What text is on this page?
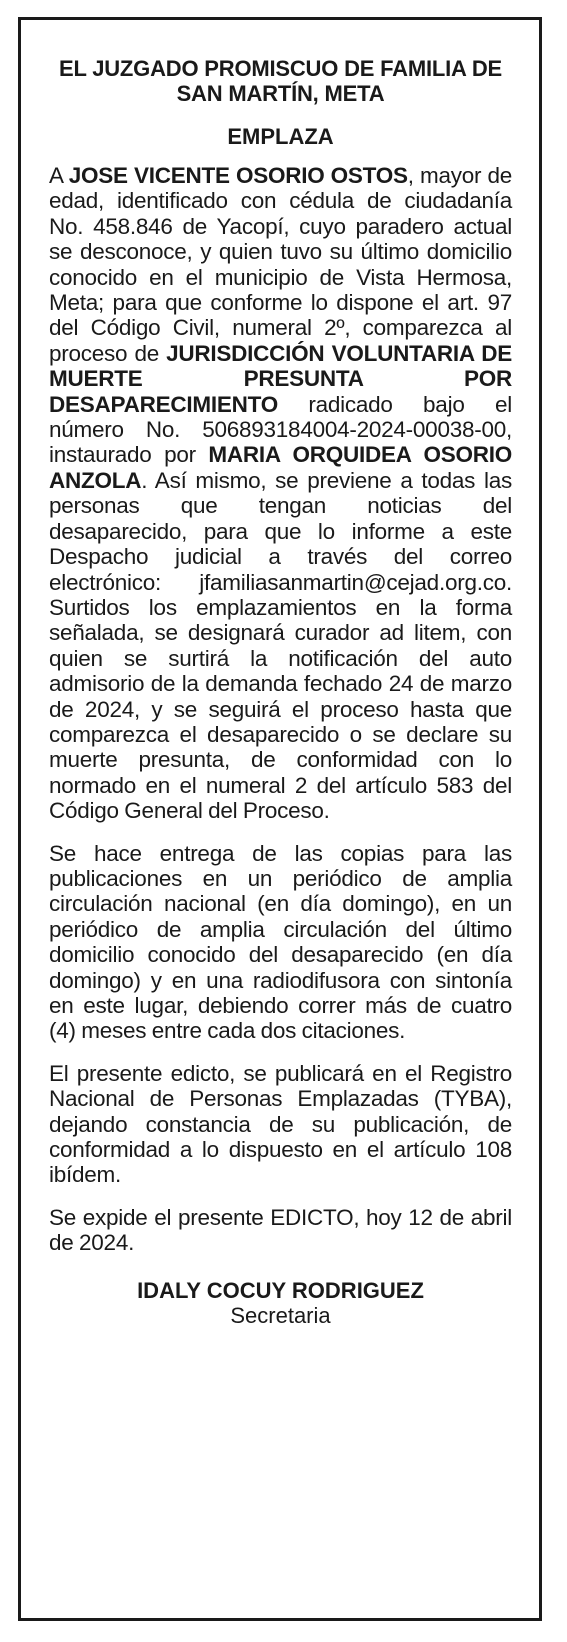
EL JUZGADO PROMISCUO DE FAMILIA DE SAN MARTÍN, META

EMPLAZA

A JOSE VICENTE OSORIO OSTOS, mayor de edad, identificado con cédula de ciudadanía No. 458.846 de Yacopí, cuyo paradero actual se desconoce, y quien tuvo su último domicilio conocido en el municipio de Vista Hermosa, Meta; para que conforme lo dispone el art. 97 del Código Civil, numeral 2º, comparezca al proceso de JURISDICCIÓN VOLUNTARIA DE MUERTE PRESUNTA POR DESAPARECIMIENTO radicado bajo el número No. 506893184004-2024-00038-00, instaurado por MARIA ORQUIDEA OSORIO ANZOLA. Así mismo, se previene a todas las personas que tengan noticias del desaparecido, para que lo informe a este Despacho judicial a través del correo electrónico: jfamiliasanmartin@cejad.org.co. Surtidos los emplazamientos en la forma señalada, se designará curador ad litem, con quien se surtirá la notificación del auto admisorio de la demanda fechado 24 de marzo de 2024, y se seguirá el proceso hasta que comparezca el desaparecido o se declare su muerte presunta, de conformidad con lo normado en el numeral 2 del artículo 583 del Código General del Proceso.

Se hace entrega de las copias para las publicaciones en un periódico de amplia circulación nacional (en día domingo), en un periódico de amplia circulación del último domicilio conocido del desaparecido (en día domingo) y en una radiodifusora con sintonía en este lugar, debiendo correr más de cuatro (4) meses entre cada dos citaciones.

El presente edicto, se publicará en el Registro Nacional de Personas Emplazadas (TYBA), dejando constancia de su publicación, de conformidad a lo dispuesto en el artículo 108 ibídem.

Se expide el presente EDICTO, hoy 12 de abril de 2024.

IDALY COCUY RODRIGUEZ

Secretaria
